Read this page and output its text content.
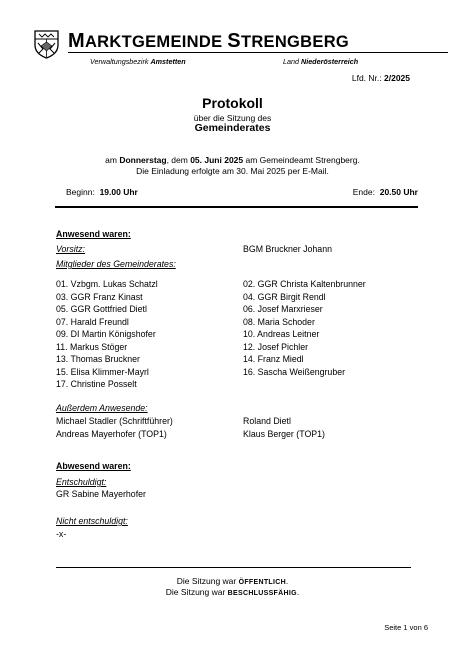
MARKTGEMEINDE STRENGBERG
Verwaltungsbezirk Amstetten	Land Niederösterreich
Lfd. Nr.: 2/2025
Protokoll
über die Sitzung des
Gemeinderates
am Donnerstag, dem 05. Juni 2025 am Gemeindeamt Strengberg.
Die Einladung erfolgte am 30. Mai 2025 per E-Mail.
Beginn: 19.00 Uhr	Ende: 20.50 Uhr
Anwesend waren:
Vorsitz:	BGM Bruckner Johann
Mitglieder des Gemeinderates:
01. Vzbgm. Lukas Schatzl	02. GGR Christa Kaltenbrunner
03. GGR Franz Kinast	04. GGR Birgit Rendl
05. GGR Gottfried Dietl	06. Josef Marxrieser
07. Harald Freundl	08. Maria Schoder
09. DI Martin Königshofer	10. Andreas Leitner
11. Markus Stöger	12. Josef Pichler
13. Thomas Bruckner	14. Franz Miedl
15. Elisa Klimmer-Mayrl	16. Sascha Weißengruber
17. Christine Posselt
Außerdem Anwesende:
Michael Stadler (Schriftführer)	Roland Dietl
Andreas Mayerhofer (TOP1)	Klaus Berger (TOP1)
Abwesend waren:
Entschuldigt:
GR Sabine Mayerhofer
Nicht entschuldigt:
-x-
Die Sitzung war ÖFFENTLICH.
Die Sitzung war BESCHLUSSFÄHIG.
Seite 1 von 6
